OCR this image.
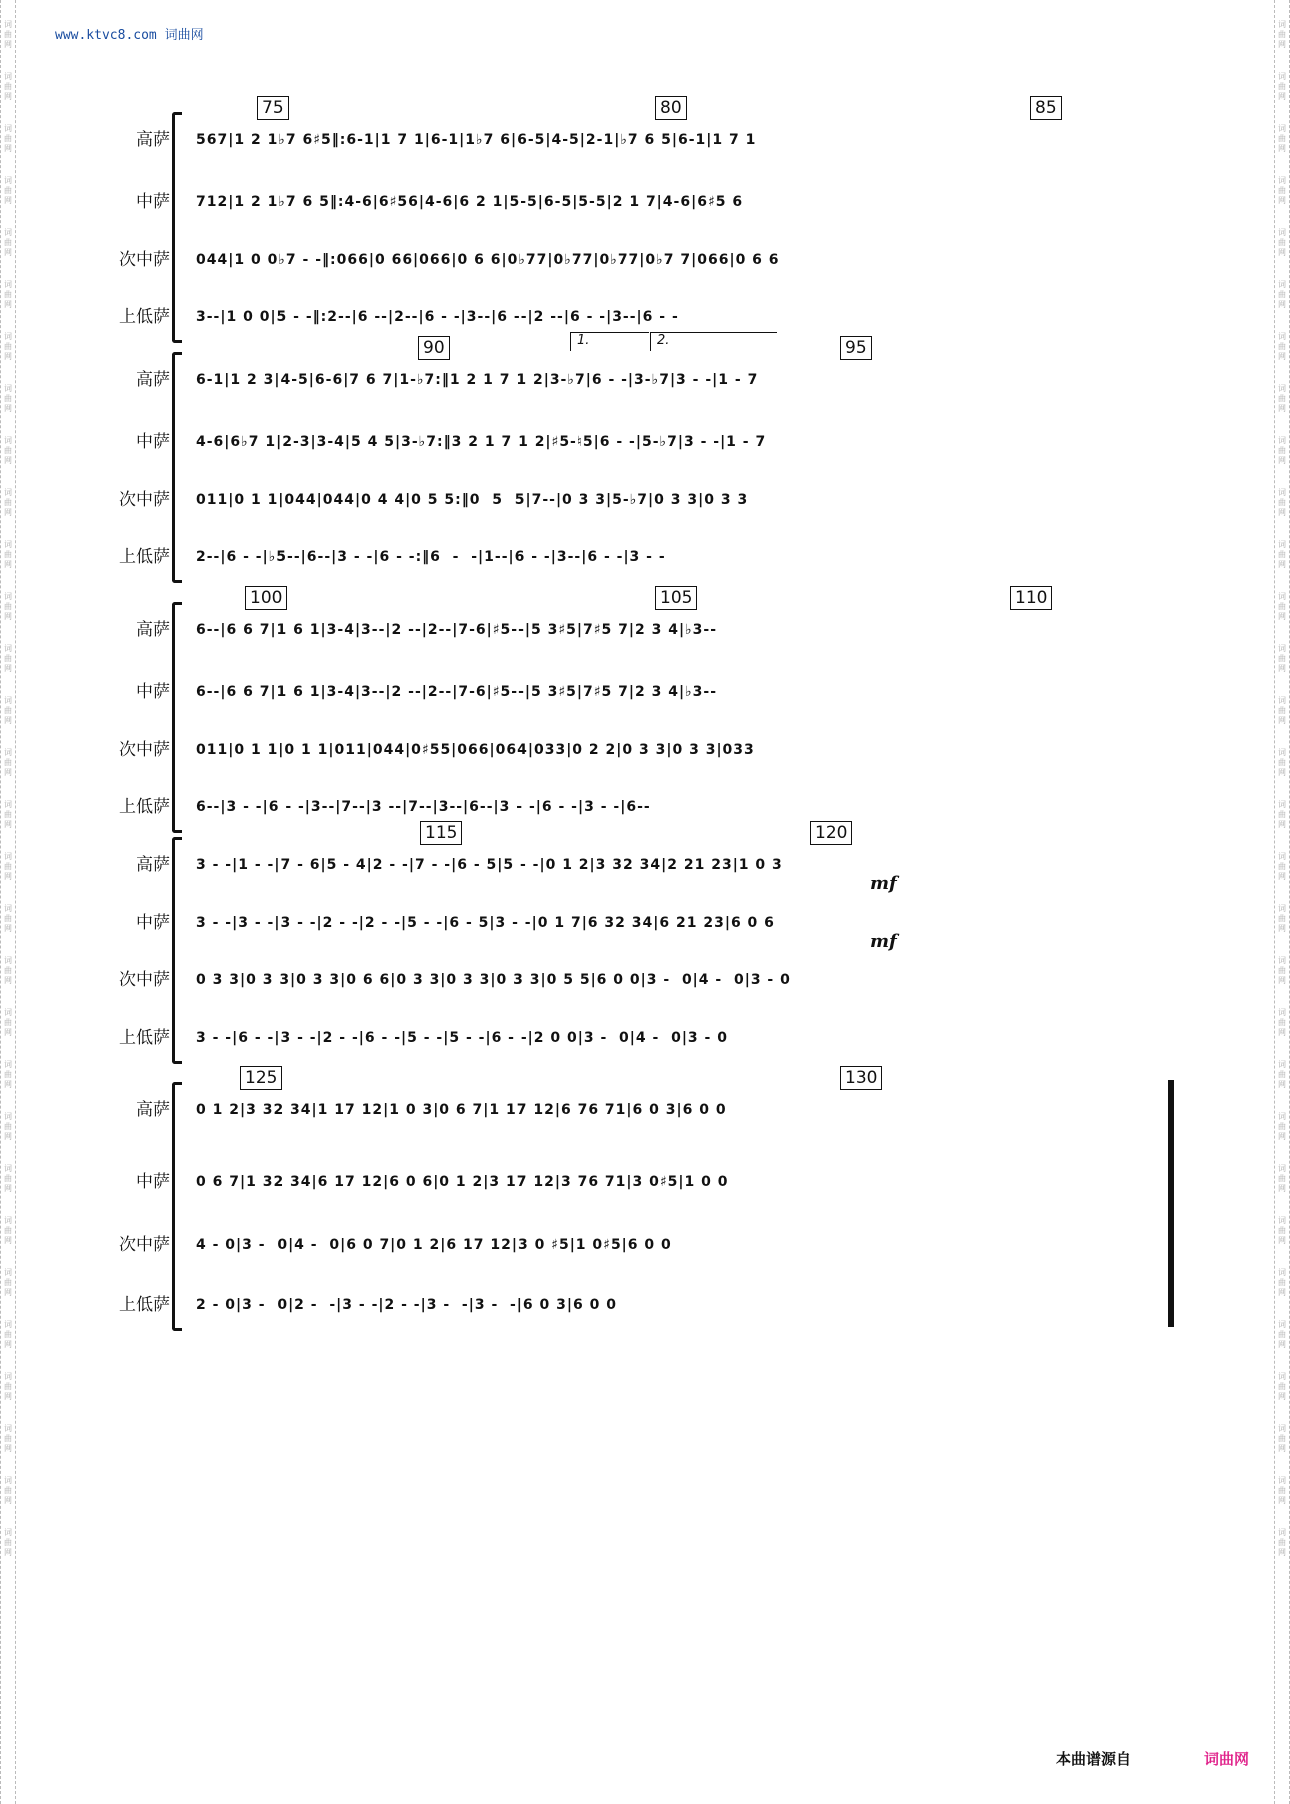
词
曲
网
词
曲
网
词
曲
网
词
曲
网
词
曲
网
词
曲
网
词
曲
网
词
曲
网
词
曲
网
词
曲
网
词
曲
网
词
曲
网
词
曲
网
词
曲
网
词
曲
网
词
曲
网
词
曲
网
词
曲
网
词
曲
网
词
曲
网
词
曲
网
词
曲
网
词
曲
网
词
曲
网
词
曲
网
词
曲
网
词
曲
网
词
曲
网
词
曲
网
词
曲
网
词
曲
网
词
曲
网
词
曲
网
词
曲
网
词
曲
网
词
曲
网
词
曲
网
词
曲
网
词
曲
网
词
曲
网
词
曲
网
词
曲
网
词
曲
网
词
曲
网
词
曲
网
词
曲
网
词
曲
网
词
曲
网
词
曲
网
词
曲
网
词
曲
网
词
曲
网
词
曲
网
词
曲
网
词
曲
网
词
曲
网
词
曲
网
词
曲
网
词
曲
网
词
曲
网
www.ktvc8.com 词曲网
高萨 567|1 2 1♭7 6♯5‖:6-1|1 7 1|6-1|1♭7 6|6-5|4-5|2-1|♭7 6 5|6-1|1 7 1
中萨 712|1 2 1♭7 6 5‖:4-6|6♯56|4-6|6 2 1|5-5|6-5|5-5|2 1 7|4-6|6♯5 6
次中萨 044|1 0 0♭7 - -‖:066|0 66|066|0 6 6|0♭77|0♭77|0♭77|0♭7 7|066|0 6 6
上低萨 3--|1 0 0|5 - -‖:2--|6 --|2--|6 - -|3--|6 --|2 --|6 - -|3--|6 - -
75	80	85
高萨 6-1|1 2 3|4-5|6-6|7 6 7|1-♭7:‖1 2 1 7 1 2|3-♭7|6 - -|3-♭7|3 - -|1 - 7
中萨 4-6|6♭7 1|2-3|3-4|5 4 5|3-♭7:‖3 2 1 7 1 2|♯5-♮5|6 - -|5-♭7|3 - -|1 - 7
次中萨 011|0 1 1|044|044|0 4 4|0 5 5:‖0  5  5|7--|0 3 3|5-♭7|0 3 3|0 3 3
上低萨 2--|6 - -|♭5--|6--|3 - -|6 - -:‖6  -  -|1--|6 - -|3--|6 - -|3 - -
90	95
1.	2.
高萨 6--|6 6 7|1 6 1|3-4|3--|2 --|2--|7-6|♯5--|5 3♯5|7♯5 7|2 3 4|♭3--
中萨 6--|6 6 7|1 6 1|3-4|3--|2 --|2--|7-6|♯5--|5 3♯5|7♯5 7|2 3 4|♭3--
次中萨 011|0 1 1|0 1 1|011|044|0♯55|066|064|033|0 2 2|0 3 3|0 3 3|033
上低萨 6--|3 - -|6 - -|3--|7--|3 --|7--|3--|6--|3 - -|6 - -|3 - -|6--
100	105	110
高萨 3 - -|1 - -|7 - 6|5 - 4|2 - -|7 - -|6 - 5|5 - -|0 1 2|3 32 34|2 21 23|1 0 3
中萨 3 - -|3 - -|3 - -|2 - -|2 - -|5 - -|6 - 5|3 - -|0 1 7|6 32 34|6 21 23|6 0 6
次中萨 0 3 3|0 3 3|0 3 3|0 6 6|0 3 3|0 3 3|0 3 3|0 5 5|6 0 0|3 -  0|4 -  0|3 - 0
上低萨 3 - -|6 - -|3 - -|2 - -|6 - -|5 - -|5 - -|6 - -|2 0 0|3 -  0|4 -  0|3 - 0
115	120
mf
mf
高萨 0 1 2|3 32 34|1 17 12|1 0 3|0 6 7|1 17 12|6 76 71|6 0 3|6 0 0
中萨 0 6 7|1 32 34|6 17 12|6 0 6|0 1 2|3 17 12|3 76 71|3 0♯5|1 0 0
次中萨 4 - 0|3 -  0|4 -  0|6 0 7|0 1 2|6 17 12|3 0 ♯5|1 0♯5|6 0 0
上低萨 2 - 0|3 -  0|2 -  -|3 - -|2 - -|3 -  -|3 -  -|6 0 3|6 0 0
125	130
本曲谱源自	词曲网
